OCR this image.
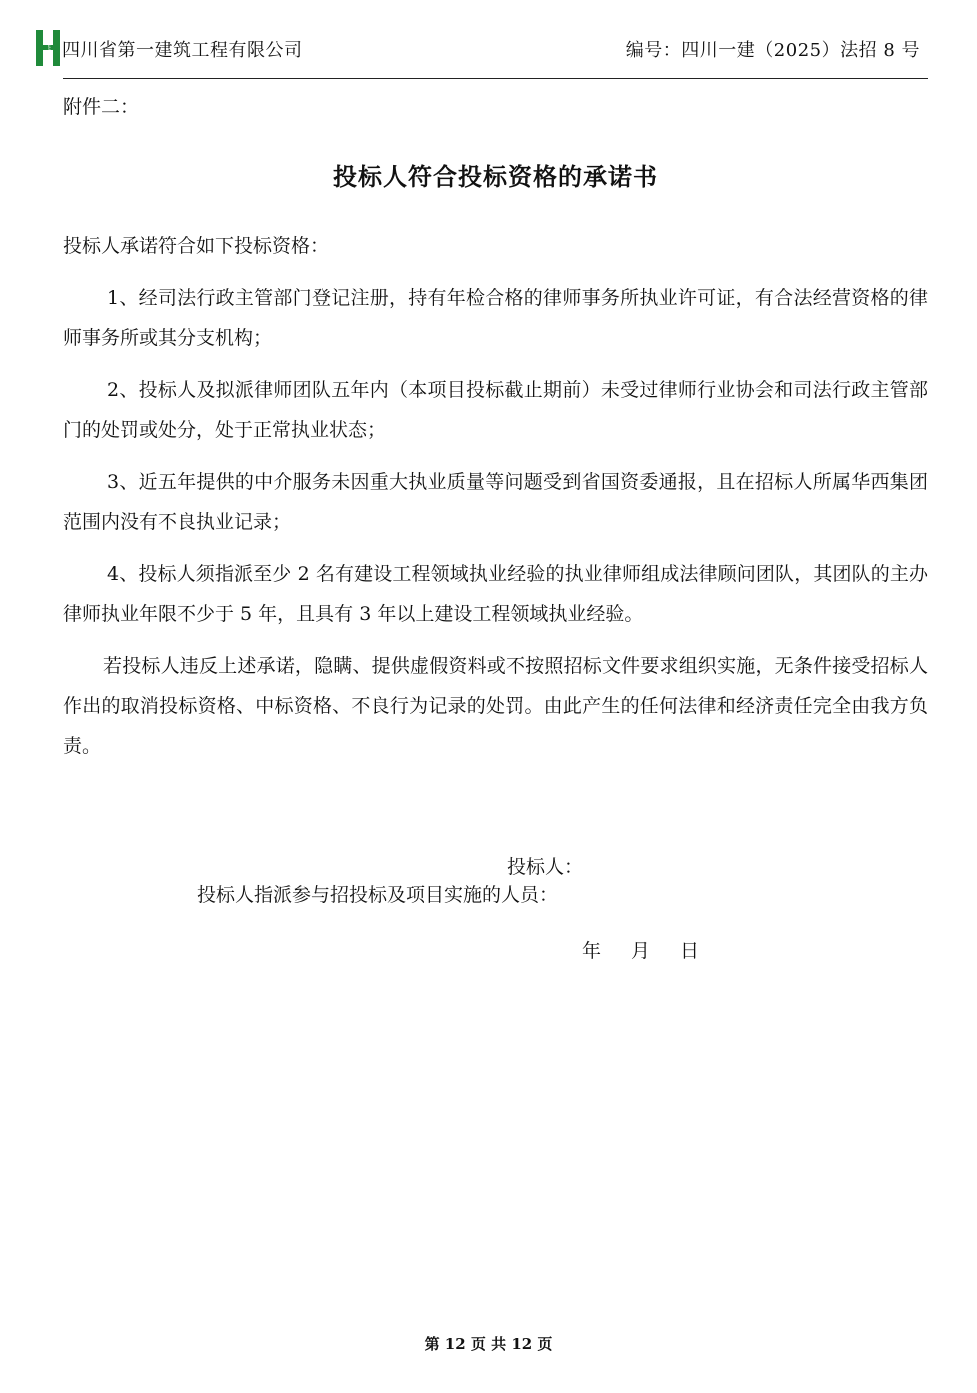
HUASHI 四川省第一建筑工程有限公司	编号：四川一建（2025）法招 8 号
附件二：
投标人符合投标资格的承诺书

投标人承诺符合如下投标资格：

1、经司法行政主管部门登记注册，持有年检合格的律师事务所执业许可证，有合法经营资格的律师事务所或其分支机构；

2、投标人及拟派律师团队五年内（本项目投标截止期前）未受过律师行业协会和司法行政主管部门的处罚或处分，处于正常执业状态；

3、近五年提供的中介服务未因重大执业质量等问题受到省国资委通报，且在招标人所属华西集团范围内没有不良执业记录；

4、投标人须指派至少 2 名有建设工程领域执业经验的执业律师组成法律顾问团队，其团队的主办律师执业年限不少于 5 年，且具有 3 年以上建设工程领域执业经验。

若投标人违反上述承诺，隐瞒、提供虚假资料或不按照招标文件要求组织实施，无条件接受招标人作出的取消投标资格、中标资格、不良行为记录的处罚。由此产生的任何法律和经济责任完全由我方负责。

投标人：
投标人指派参与招投标及项目实施的人员：
年 月 日
第 12 页 共 12 页
